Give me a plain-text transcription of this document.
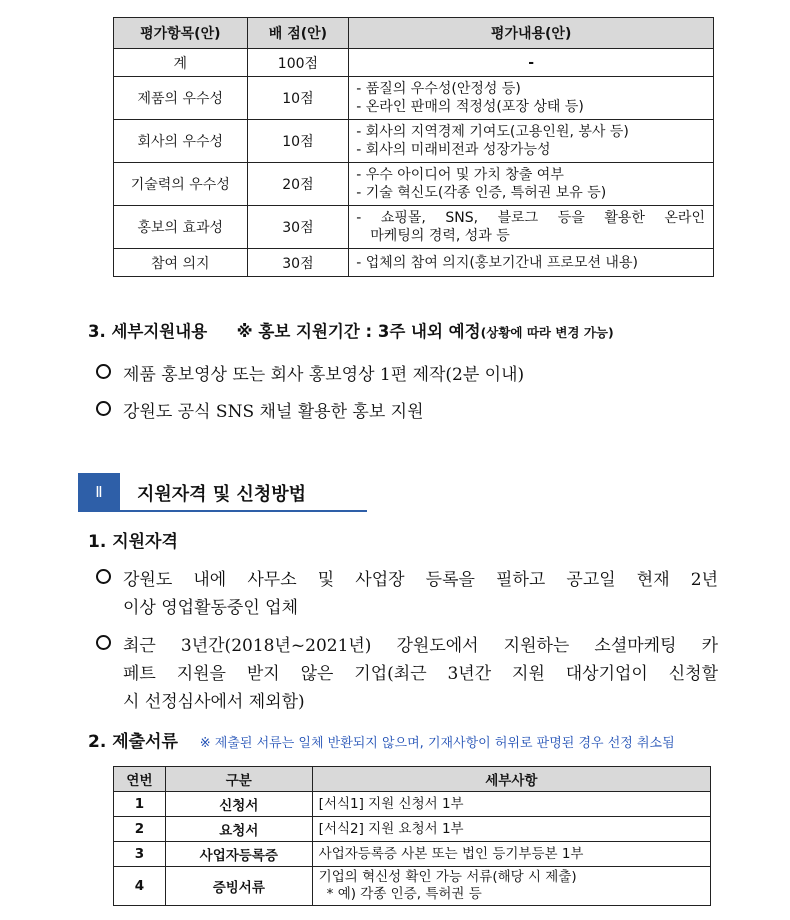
평가항목(안)	배 점(안)	평가내용(안)
계	100점	-
제품의 우수성	10점	- 품질의 우수성(안정성 등)
- 온라인 판매의 적정성(포장 상태 등)

회사의 우수성	10점	- 회사의 지역경제 기여도(고용인원, 봉사 등)
- 회사의 미래비전과 성장가능성

기술력의 우수성	20점	- 우수 아이디어 및 가치 창출 여부
- 기술 혁신도(각종 인증, 특허권 보유 등)

홍보의 효과성	30점	- 쇼핑몰, SNS, 블로그 등을 활용한 온라인
마케팅의 경력, 성과 등

참여 의지	30점	- 업체의 참여 의지(홍보기간내 프로모션 내용)
3. 세부지원내용 ※ 홍보 지원기간 : 3주 내외 예정(상황에 따라 변경 가능)
제품 홍보영상 또는 회사 홍보영상 1편 제작(2분 이내)
강원도 공식 SNS 채널 활용한 홍보 지원
Ⅱ	지원자격 및 신청방법
1. 지원자격
강원도 내에 사무소 및 사업장 등록을 필하고 공고일 현재 2년
이상 영업활동중인 업체
최근 3년간(2018년~2021년) 강원도에서 지원하는 소셜마케팅 카
페트 지원을 받지 않은 기업(최근 3년간 지원 대상기업이 신청할
시 선정심사에서 제외함)
2. 제출서류 ※ 제출된 서류는 일체 반환되지 않으며, 기재사항이 허위로 판명된 경우 선정 취소됨
연번	구분	세부사항
1	신청서	[서식1] 지원 신청서 1부
2	요청서	[서식2] 지원 요청서 1부
3	사업자등록증	사업자등록증 사본 또는 법인 등기부등본 1부
4	증빙서류	기업의 혁신성 확인 가능 서류(해당 시 제출)
* 예) 각종 인증, 특허권 등
